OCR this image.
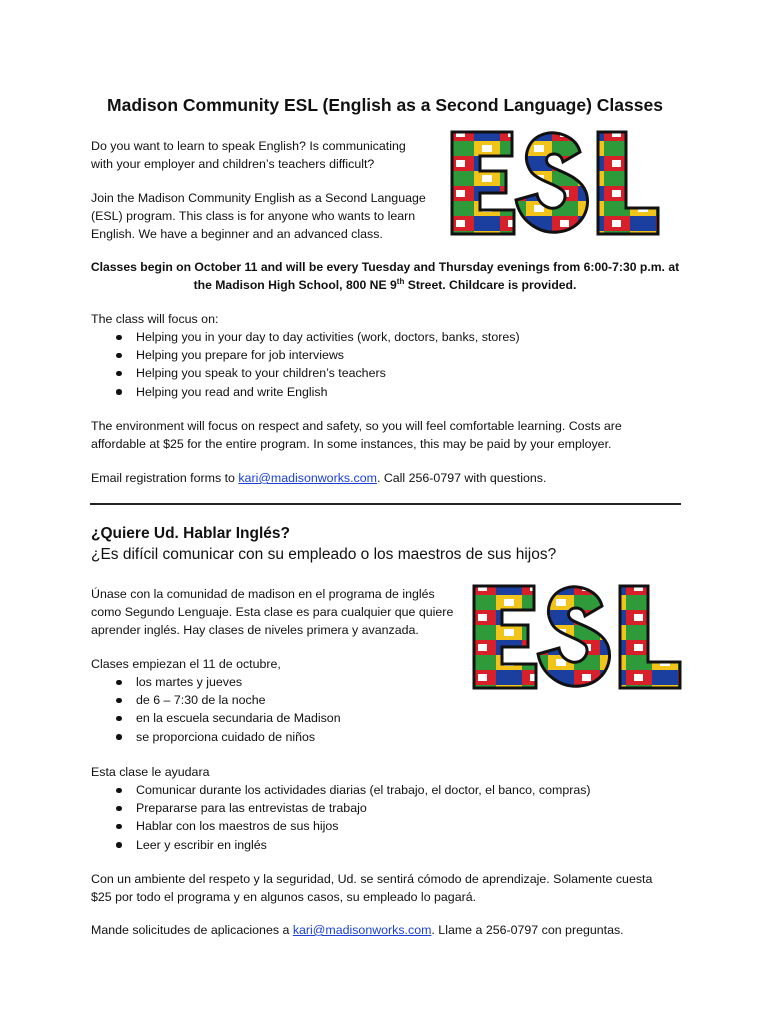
Madison Community ESL (English as a Second Language) Classes

Do you want to learn to speak English? Is communicating

with your employer and children’s teachers difficult?

Join the Madison Community English as a Second Language

(ESL) program. This class is for anyone who wants to learn

English. We have a beginner and an advanced class.

Classes begin on October 11 and will be every Tuesday and Thursday evenings from 6:00-7:30 p.m. at
the Madison High School, 800 NE 9th Street. Childcare is provided.

The class will focus on:

Helping you in your day to day activities (work, doctors, banks, stores)
Helping you prepare for job interviews
Helping you speak to your children’s teachers
Helping you read and write English

The environment will focus on respect and safety, so you will feel comfortable learning. Costs are

affordable at $25 for the entire program. In some instances, this may be paid by your employer.

Email registration forms to kari@madisonworks.com. Call 256-0797 with questions.

¿Quiere Ud. Hablar Inglés?
¿Es difícil comunicar con su empleado o los maestros de sus hijos?

Únase con la comunidad de madison en el programa de inglés

como Segundo Lenguaje. Esta clase es para cualquier que quiere

aprender inglés. Hay clases de niveles primera y avanzada.

Clases empiezan el 11 de octubre,

los martes y jueves
de 6 – 7:30 de la noche
en la escuela secundaria de Madison
se proporciona cuidado de niños

Esta clase le ayudara

Comunicar durante los actividades diarias (el trabajo, el doctor, el banco, compras)
Prepararse para las entrevistas de trabajo
Hablar con los maestros de sus hijos
Leer y escribir en inglés

Con un ambiente del respeto y la seguridad, Ud. se sentirá cómodo de aprendizaje. Solamente cuesta

$25 por todo el programa y en algunos casos, su empleado lo pagará.

Mande solicitudes de aplicaciones a kari@madisonworks.com. Llame a 256-0797 con preguntas.
